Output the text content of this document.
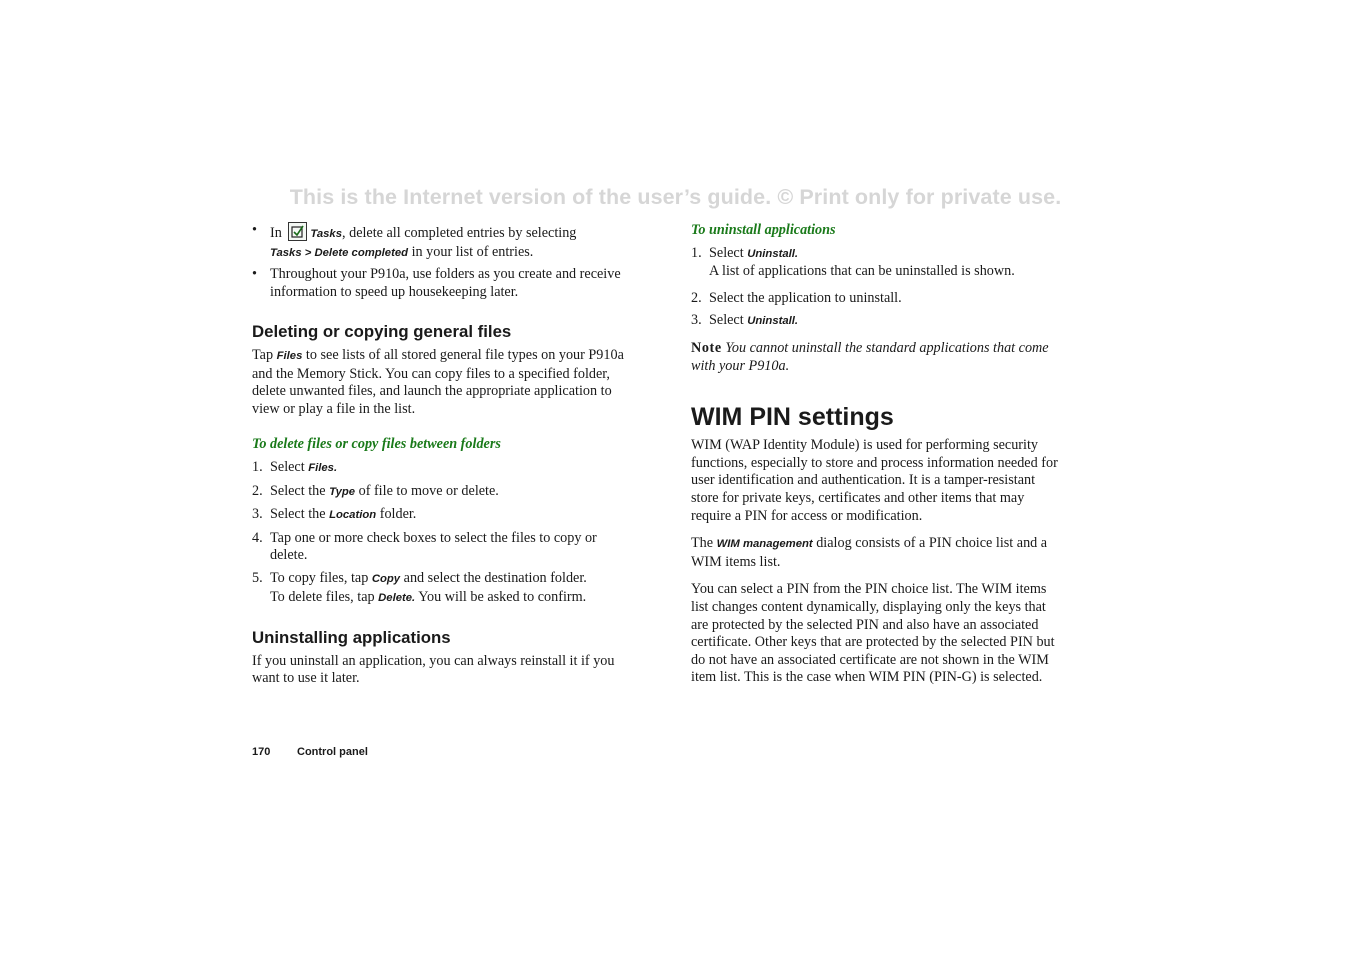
This is the Internet version of the user’s guide. © Print only for private use.
• In	Tasks, delete all completed entries by selecting
Tasks > Delete completed in your list of entries.
• Throughout your P910a, use folders as you create and receive information to speed up housekeeping later.
Deleting or copying general files

Tap Files to see lists of all stored general file types on your P910a and the Memory Stick. You can copy files to a specified folder, delete unwanted files, and launch the appropriate application to view or play a file in the list.

To delete files or copy files between folders
1. Select Files.
2. Select the Type of file to move or delete.
3. Select the Location folder.
4. Tap one or more check boxes to select the files to copy or delete.
5. To copy files, tap Copy and select the destination folder.
To delete files, tap Delete. You will be asked to confirm.
Uninstalling applications

If you uninstall an application, you can always reinstall it if you want to use it later.

To uninstall applications
1. Select Uninstall.
A list of applications that can be uninstalled is shown.
2. Select the application to uninstall.
3. Select Uninstall.

Note You cannot uninstall the standard applications that come with your P910a.

WIM PIN settings

WIM (WAP Identity Module) is used for performing security functions, especially to store and process information needed for user identification and authentication. It is a tamper-resistant store for private keys, certificates and other items that may require a PIN for access or modification.

The WIM management dialog consists of a PIN choice list and a WIM items list.

You can select a PIN from the PIN choice list. The WIM items list changes content dynamically, displaying only the keys that are protected by the selected PIN and also have an associated certificate. Other keys that are protected by the selected PIN but do not have an associated certificate are not shown in the WIM item list. This is the case when WIM PIN (PIN-G) is selected.

170 Control panel
